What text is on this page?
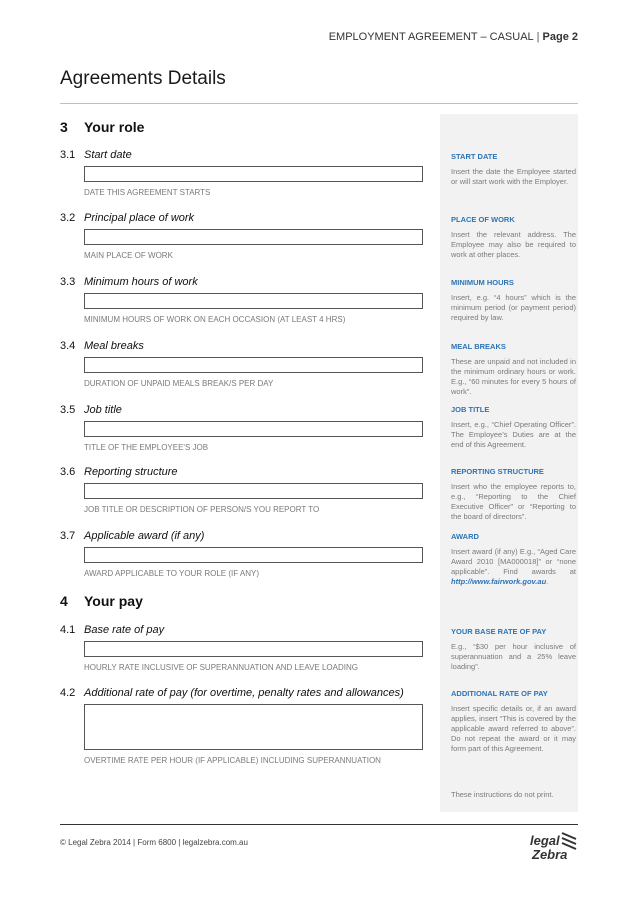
EMPLOYMENT AGREEMENT – CASUAL | Page 2
Agreements Details
3 Your role
3.1 Start date
DATE THIS AGREEMENT STARTS
3.2 Principal place of work
MAIN PLACE OF WORK
3.3 Minimum hours of work
MINIMUM HOURS OF WORK ON EACH OCCASION (AT LEAST 4 HRS)
3.4 Meal breaks
DURATION OF UNPAID MEALS BREAK/S PER DAY
3.5 Job title
TITLE OF THE EMPLOYEE'S JOB
3.6 Reporting structure
JOB TITLE OR DESCRIPTION OF PERSON/S YOU REPORT TO
3.7 Applicable award (if any)
AWARD APPLICABLE TO YOUR ROLE (IF ANY)
4 Your pay
4.1 Base rate of pay
HOURLY RATE INCLUSIVE OF SUPERANNUATION AND LEAVE LOADING
4.2 Additional rate of pay (for overtime, penalty rates and allowances)
OVERTIME RATE PER HOUR (IF APPLICABLE) INCLUDING SUPERANNUATION
START DATE
Insert the date the Employee started or will start work with the Employer.
PLACE OF WORK
Insert the relevant address. The Employee may also be required to work at other places.
MINIMUM HOURS
Insert, e.g. “4 hours” which is the minimum period (or payment period) required by law.
MEAL BREAKS
These are unpaid and not included in the minimum ordinary hours or work. E.g., “60 minutes for every 5 hours of work”.
JOB TITLE
Insert, e.g., “Chief Operating Officer”. The Employee’s Duties are at the end of this Agreement.
REPORTING STRUCTURE
Insert who the employee reports to, e.g., “Reporting to the Chief Executive Officer” or “Reporting to the board of directors”.
AWARD
Insert award (if any) E.g., “Aged Care Award 2010 [MA000018]” or “none applicable”. Find awards at http://www.fairwork.gov.au.
YOUR BASE RATE OF PAY
E.g., “$30 per hour inclusive of superannuation and a 25% leave loading”.
ADDITIONAL RATE OF PAY
Insert specific details or, if an award applies, insert “This is covered by the applicable award referred to above”. Do not repeat the award or it may form part of this Agreement.
These instructions do not print.
© Legal Zebra 2014 | Form 6800 | legalzebra.com.au	legal
Zebra
